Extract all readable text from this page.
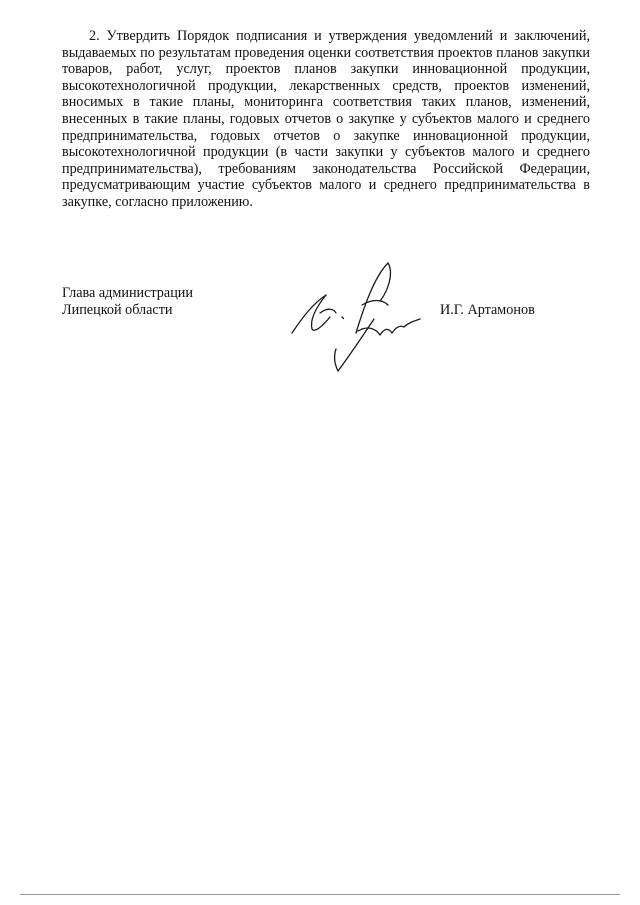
2. Утвердить Порядок подписания и утверждения уведомлений и заключений, выдаваемых по результатам проведения оценки соответствия проектов планов закупки товаров, работ, услуг, проектов планов закупки инновационной продукции, высокотехнологичной продукции, лекарственных средств, проектов изменений, вносимых в такие планы, мониторинга соответствия таких планов, изменений, внесенных в такие планы, годовых отчетов о закупке у субъектов малого и среднего предпринимательства, годовых отчетов о закупке инновационной продукции, высокотехнологичной продукции (в части закупки у субъектов малого и среднего предпринимательства), требованиям законодательства Российской Федерации, предусматривающим участие субъектов малого и среднего предпринимательства в закупке, согласно приложению.

Глава администрации
Липецкой области	И.Г. Артамонов
